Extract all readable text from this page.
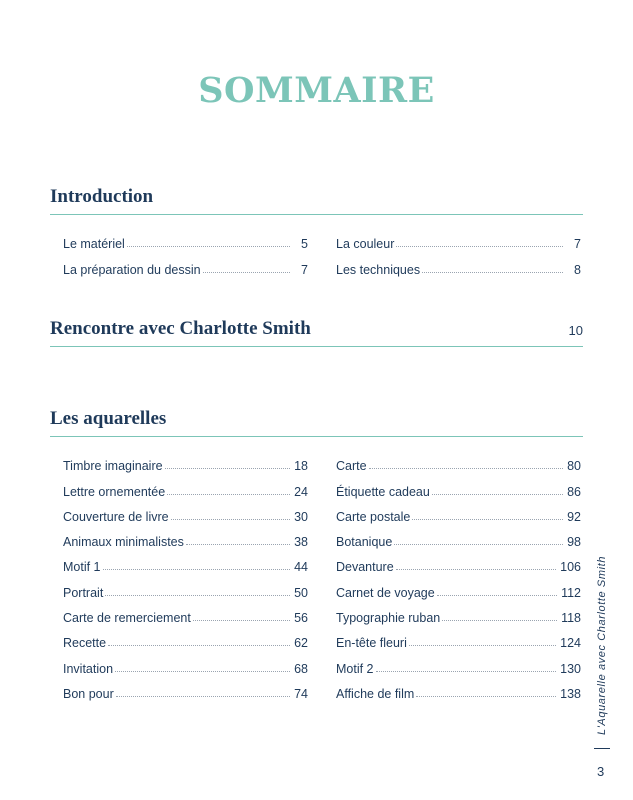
SOMMAIRE
Introduction
Le matériel	5
La préparation du dessin	7
La couleur	7
Les techniques	8
Rencontre avec Charlotte Smith	10
Les aquarelles
Timbre imaginaire	18
Lettre ornementée	24
Couverture de livre	30
Animaux minimalistes	38
Motif 1	44
Portrait	50
Carte de remerciement	56
Recette	62
Invitation	68
Bon pour	74
Carte	80
Étiquette cadeau	86
Carte postale	92
Botanique	98
Devanture	106
Carnet de voyage	112
Typographie ruban	118
En-tête fleuri	124
Motif 2	130
Affiche de film	138 L'Aquarelle avec Charlotte Smith
3
